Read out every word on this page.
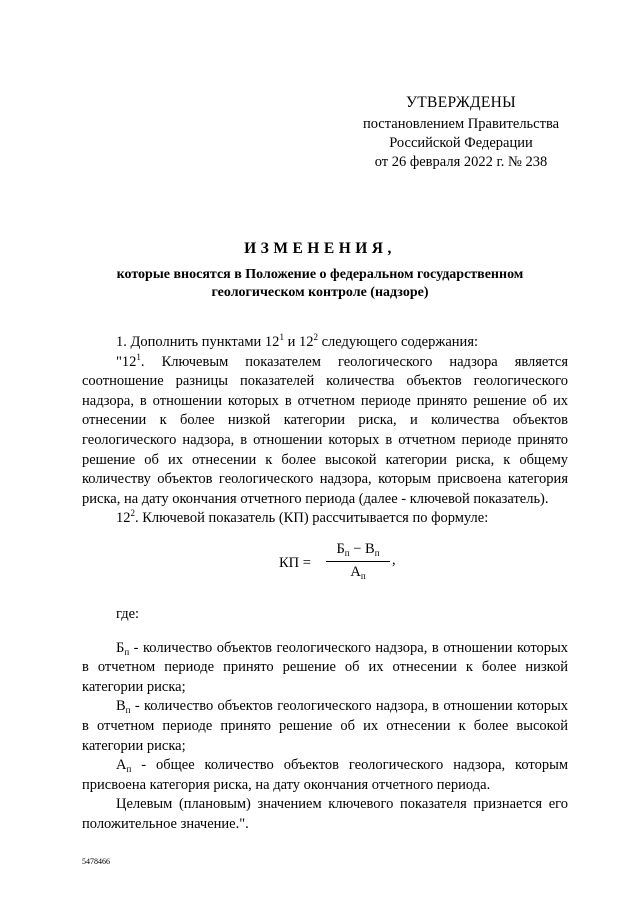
УТВЕРЖДЕНЫ
постановлением Правительства
Российской Федерации
от 26 февраля 2022 г. № 238
ИЗМЕНЕНИЯ,
которые вносятся в Положение о федеральном государственном
геологическом контроле (надзоре)
1. Дополнить пунктами $12^1$ и $12^2$ следующего содержания:
"$12^1$. Ключевым показателем геологического надзора является соотношение разницы показателей количества объектов геологического надзора, в отношении которых в отчетном периоде принято решение об их отнесении к более низкой категории риска, и количества объектов геологического надзора, в отношении которых в отчетном периоде принято решение об их отнесении к более высокой категории риска, к общему количеству объектов геологического надзора, которым присвоена категория риска, на дату окончания отчетного периода (далее - ключевой показатель).
$12^2$. Ключевой показатель (КП) рассчитывается по формуле:
КП =
$Б_п - В_п$
$А_п$
,
где:
$Б_п$ - количество объектов геологического надзора, в отношении которых в отчетном периоде принято решение об их отнесении к более низкой категории риска;
$В_п$ - количество объектов геологического надзора, в отношении которых в отчетном периоде принято решение об их отнесении к более высокой категории риска;
$А_п$ - общее количество объектов геологического надзора, которым присвоена категория риска, на дату окончания отчетного периода.
Целевым (плановым) значением ключевого показателя признается его положительное значение.".
5478466
